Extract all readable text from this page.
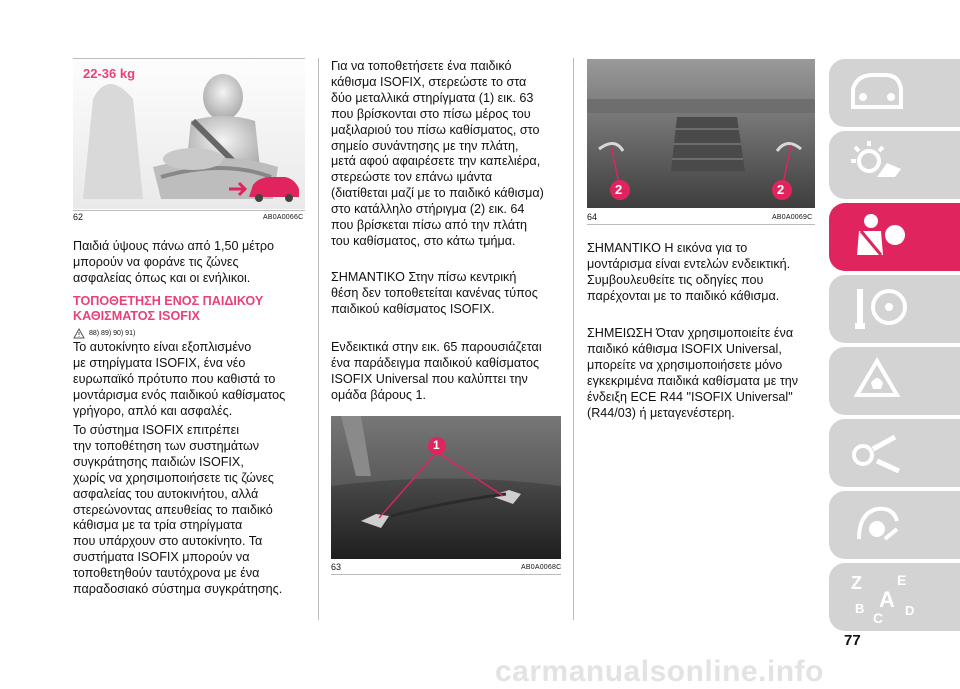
22-36 kg
62	AB0A0066C
Παιδιά ύψους πάνω από 1,50 μέτρο
μπορούν να φοράνε τις ζώνες
ασφαλείας όπως και οι ενήλικοι.
ΤΟΠΟΘΕΤΗΣΗ ΕΝΟΣ ΠΑΙΔΙΚΟΥ
ΚΑΘΙΣΜΑΤΟΣ ISOFIX
88) 89) 90) 91)
Το αυτοκίνητο είναι εξοπλισμένο
με στηρίγματα ISOFIX, ένα νέο
ευρωπαϊκό πρότυπο που καθιστά το
μοντάρισμα ενός παιδικού καθίσματος
γρήγορο, απλό και ασφαλές.
Το σύστημα ISOFIX επιτρέπει
την τοποθέτηση των συστημάτων
συγκράτησης παιδιών ISOFIX,
χωρίς να χρησιμοποιήσετε τις ζώνες
ασφαλείας του αυτοκινήτου, αλλά
στερεώνοντας απευθείας το παιδικό
κάθισμα με τα τρία στηρίγματα
που υπάρχουν στο αυτοκίνητο. Τα
συστήματα ISOFIX μπορούν να
τοποθετηθούν ταυτόχρονα με ένα
παραδοσιακό σύστημα συγκράτησης.
Για να τοποθετήσετε ένα παιδικό
κάθισμα ISOFIX, στερεώστε το στα
δύο μεταλλικά στηρίγματα (1) εικ. 63
που βρίσκονται στο πίσω μέρος του
μαξιλαριού του πίσω καθίσματος, στο
σημείο συνάντησης με την πλάτη,
μετά αφού αφαιρέσετε την καπελιέρα,
στερεώστε τον επάνω ιμάντα
(διατίθεται μαζί με το παιδικό κάθισμα)
στο κατάλληλο στήριγμα (2) εικ. 64
που βρίσκεται πίσω από την πλάτη
του καθίσματος, στο κάτω τμήμα.
ΣΗΜΑΝΤΙΚΟ Στην πίσω κεντρική
θέση δεν τοποθετείται κανένας τύπος
παιδικού καθίσματος ISOFIX.
Ενδεικτικά στην εικ. 65 παρουσιάζεται
ένα παράδειγμα παιδικού καθίσματος
ISOFIX Universal που καλύπτει την
ομάδα βάρους 1.
1
63	AB0A0068C
2	2
64	AB0A0069C
ΣΗΜΑΝΤΙΚΟ Η εικόνα για το
μοντάρισμα είναι εντελών ενδεικτική.
Συμβουλευθείτε τις οδηγίες που
παρέχονται με το παιδικό κάθισμα.
ΣΗΜΕΙΩΣΗ Όταν χρησιμοποιείτε ένα
παιδικό κάθισμα ISOFIX Universal,
μπορείτε να χρησιμοποιήσετε μόνο
εγκεκριμένα παιδικά καθίσματα με την
ένδειξη ECE R44 "ISOFIX Universal"
(R44/03) ή μεταγενέστερη.
Z	E
B A
C D
77
carmanualsonline.info
